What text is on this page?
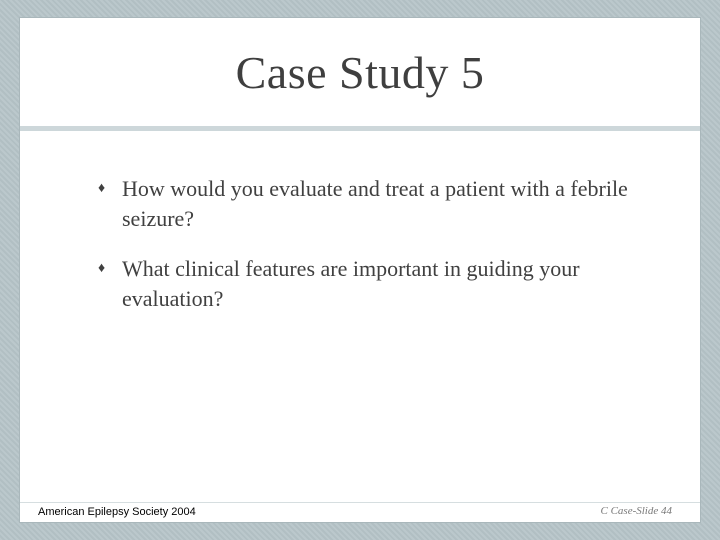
Case Study 5
♦ How would you evaluate and treat a patient with a febrile seizure?
♦ What clinical features are important in guiding your evaluation?
C Case-Slide 44
American Epilepsy Society 2004
